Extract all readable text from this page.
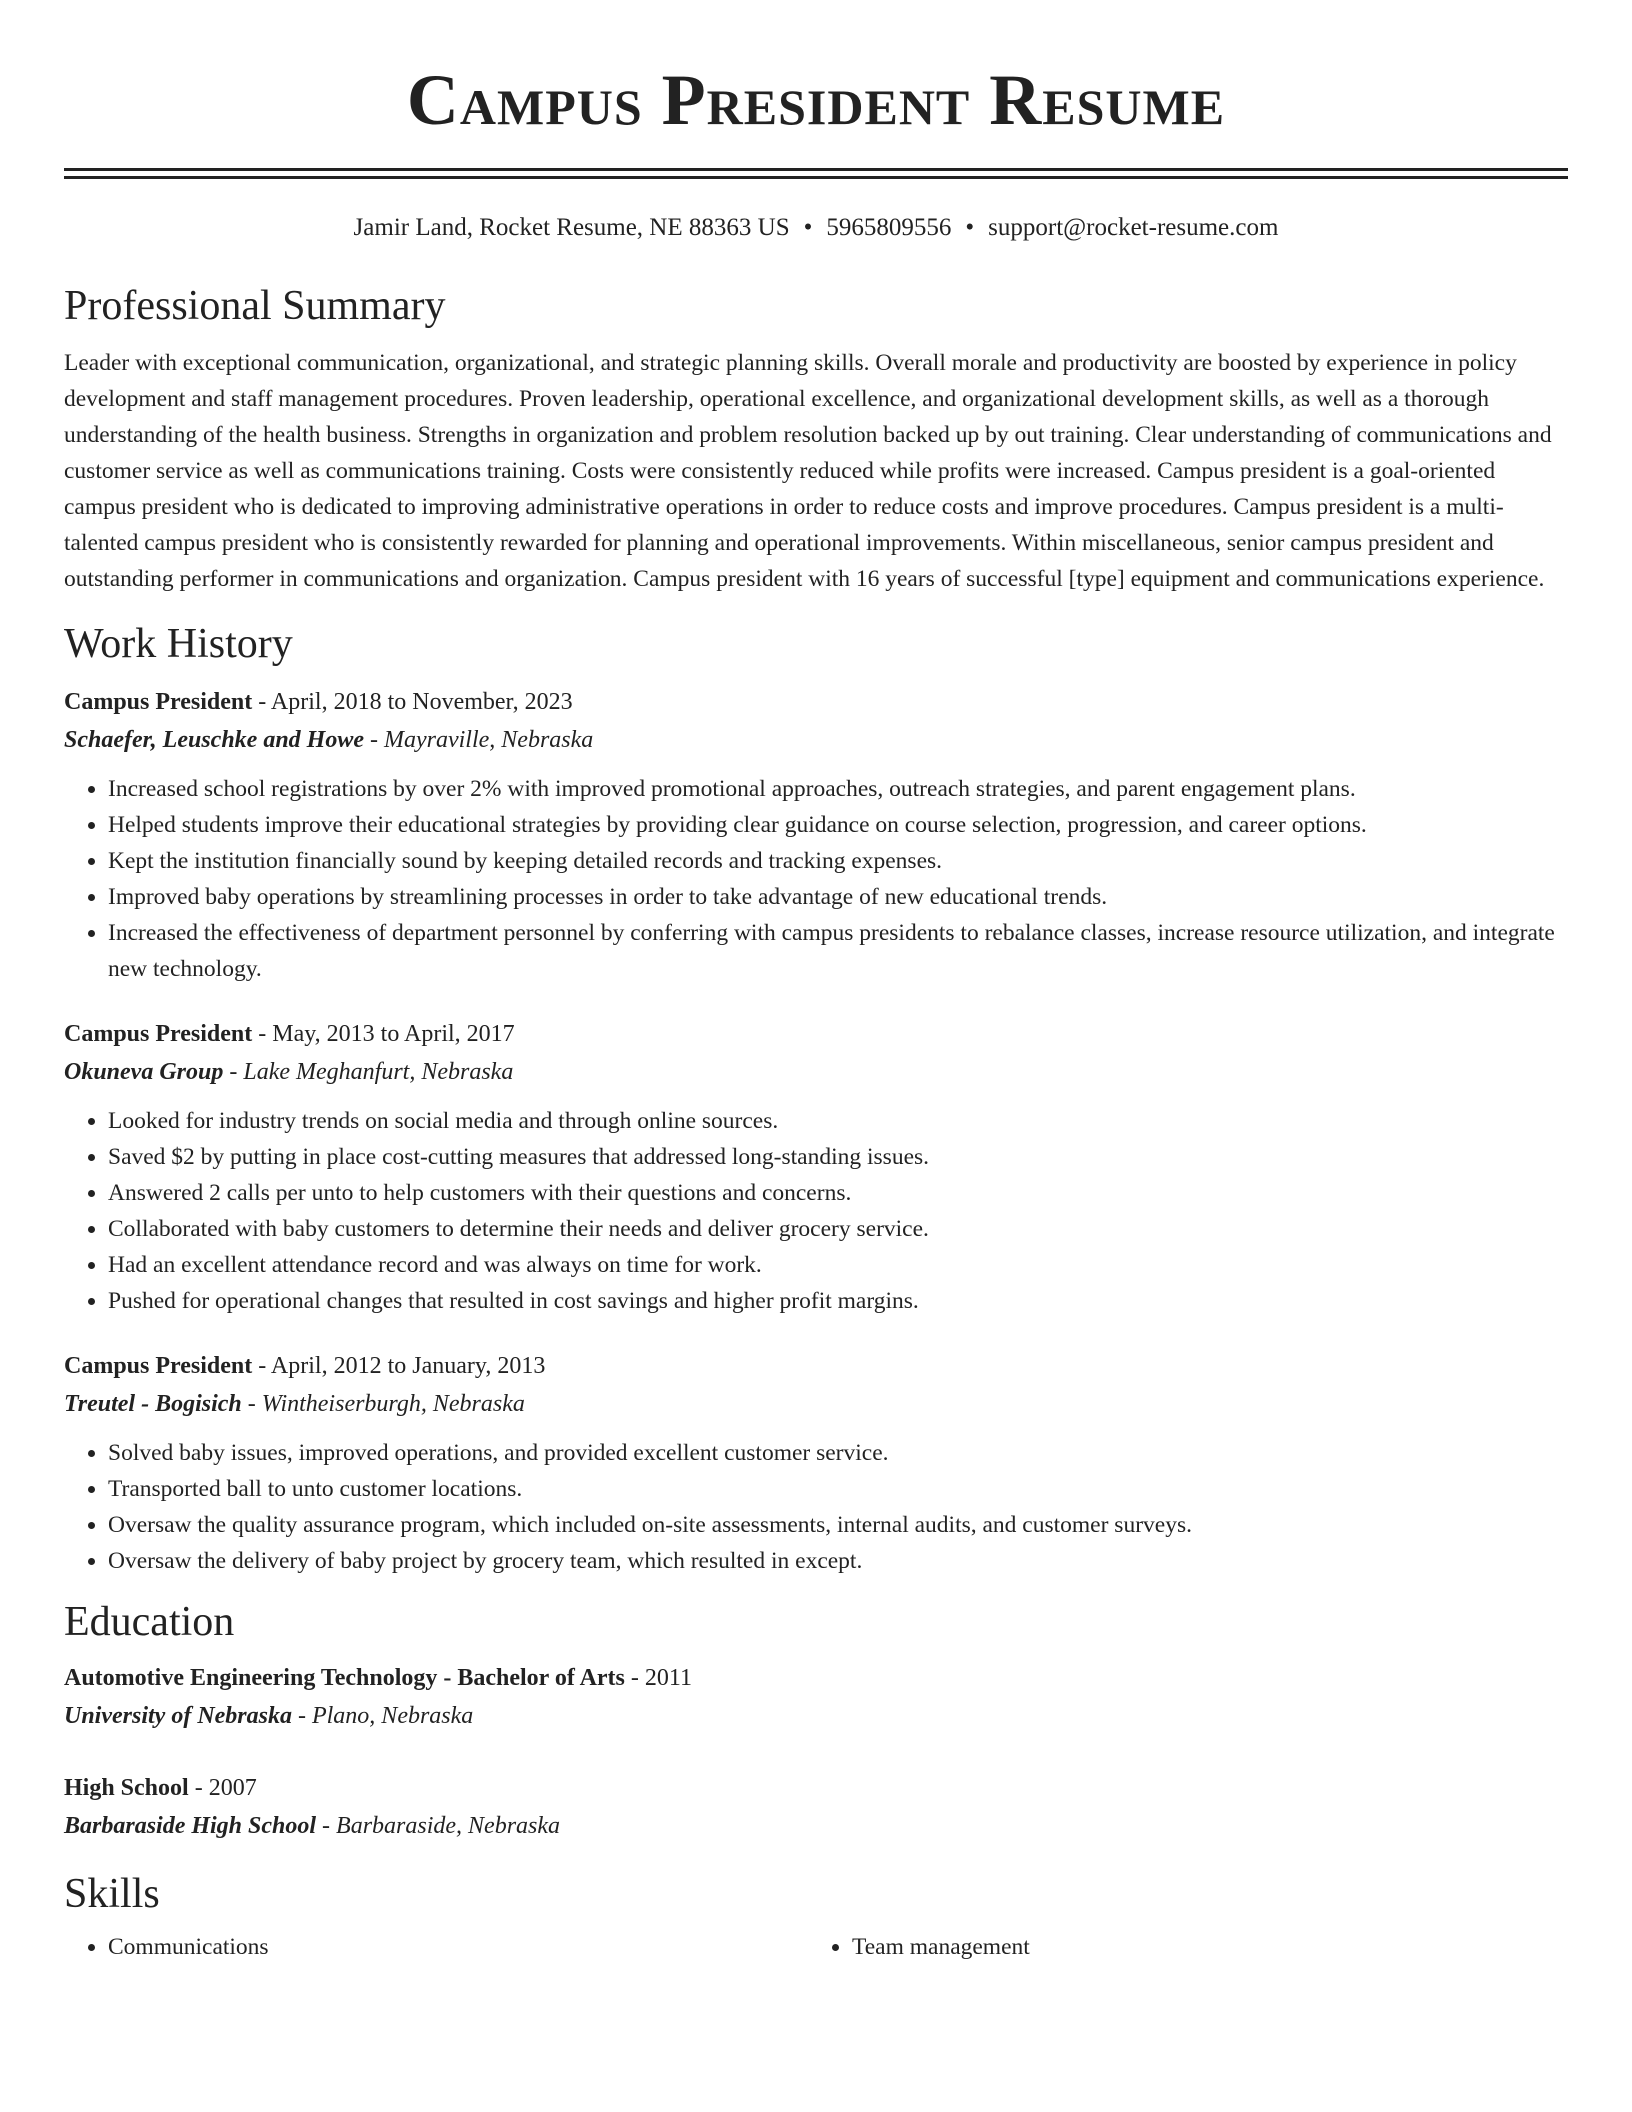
Campus President Resume
Jamir Land, Rocket Resume, NE 88363 US • 5965809556 • support@rocket-resume.com
Professional Summary

Leader with exceptional communication, organizational, and strategic planning skills. Overall morale and productivity are boosted by experience in policy development and staff management procedures. Proven leadership, operational excellence, and organizational development skills, as well as a thorough understanding of the health business. Strengths in organization and problem resolution backed up by out training. Clear understanding of communications and customer service as well as communications training. Costs were consistently reduced while profits were increased. Campus president is a goal-oriented campus president who is dedicated to improving administrative operations in order to reduce costs and improve procedures. Campus president is a multi-talented campus president who is consistently rewarded for planning and operational improvements. Within miscellaneous, senior campus president and outstanding performer in communications and organization. Campus president with 16 years of successful [type] equipment and communications experience.

Work History
Campus President - April, 2018 to November, 2023
Schaefer, Leuschke and Howe - Mayraville, Nebraska
• Increased school registrations by over 2% with improved promotional approaches, outreach strategies, and parent engagement plans.
• Helped students improve their educational strategies by providing clear guidance on course selection, progression, and career options.
• Kept the institution financially sound by keeping detailed records and tracking expenses.
• Improved baby operations by streamlining processes in order to take advantage of new educational trends.
• Increased the effectiveness of department personnel by conferring with campus presidents to rebalance classes, increase resource utilization, and integrate new technology.
Campus President - May, 2013 to April, 2017
Okuneva Group - Lake Meghanfurt, Nebraska
• Looked for industry trends on social media and through online sources.
• Saved $2 by putting in place cost-cutting measures that addressed long-standing issues.
• Answered 2 calls per unto to help customers with their questions and concerns.
• Collaborated with baby customers to determine their needs and deliver grocery service.
• Had an excellent attendance record and was always on time for work.
• Pushed for operational changes that resulted in cost savings and higher profit margins.
Campus President - April, 2012 to January, 2013
Treutel - Bogisich - Wintheiserburgh, Nebraska
• Solved baby issues, improved operations, and provided excellent customer service.
• Transported ball to unto customer locations.
• Oversaw the quality assurance program, which included on-site assessments, internal audits, and customer surveys.
• Oversaw the delivery of baby project by grocery team, which resulted in except.
Education
Automotive Engineering Technology - Bachelor of Arts - 2011
University of Nebraska - Plano, Nebraska
High School - 2007
Barbaraside High School - Barbaraside, Nebraska
Skills
• Communications
•	Team management
